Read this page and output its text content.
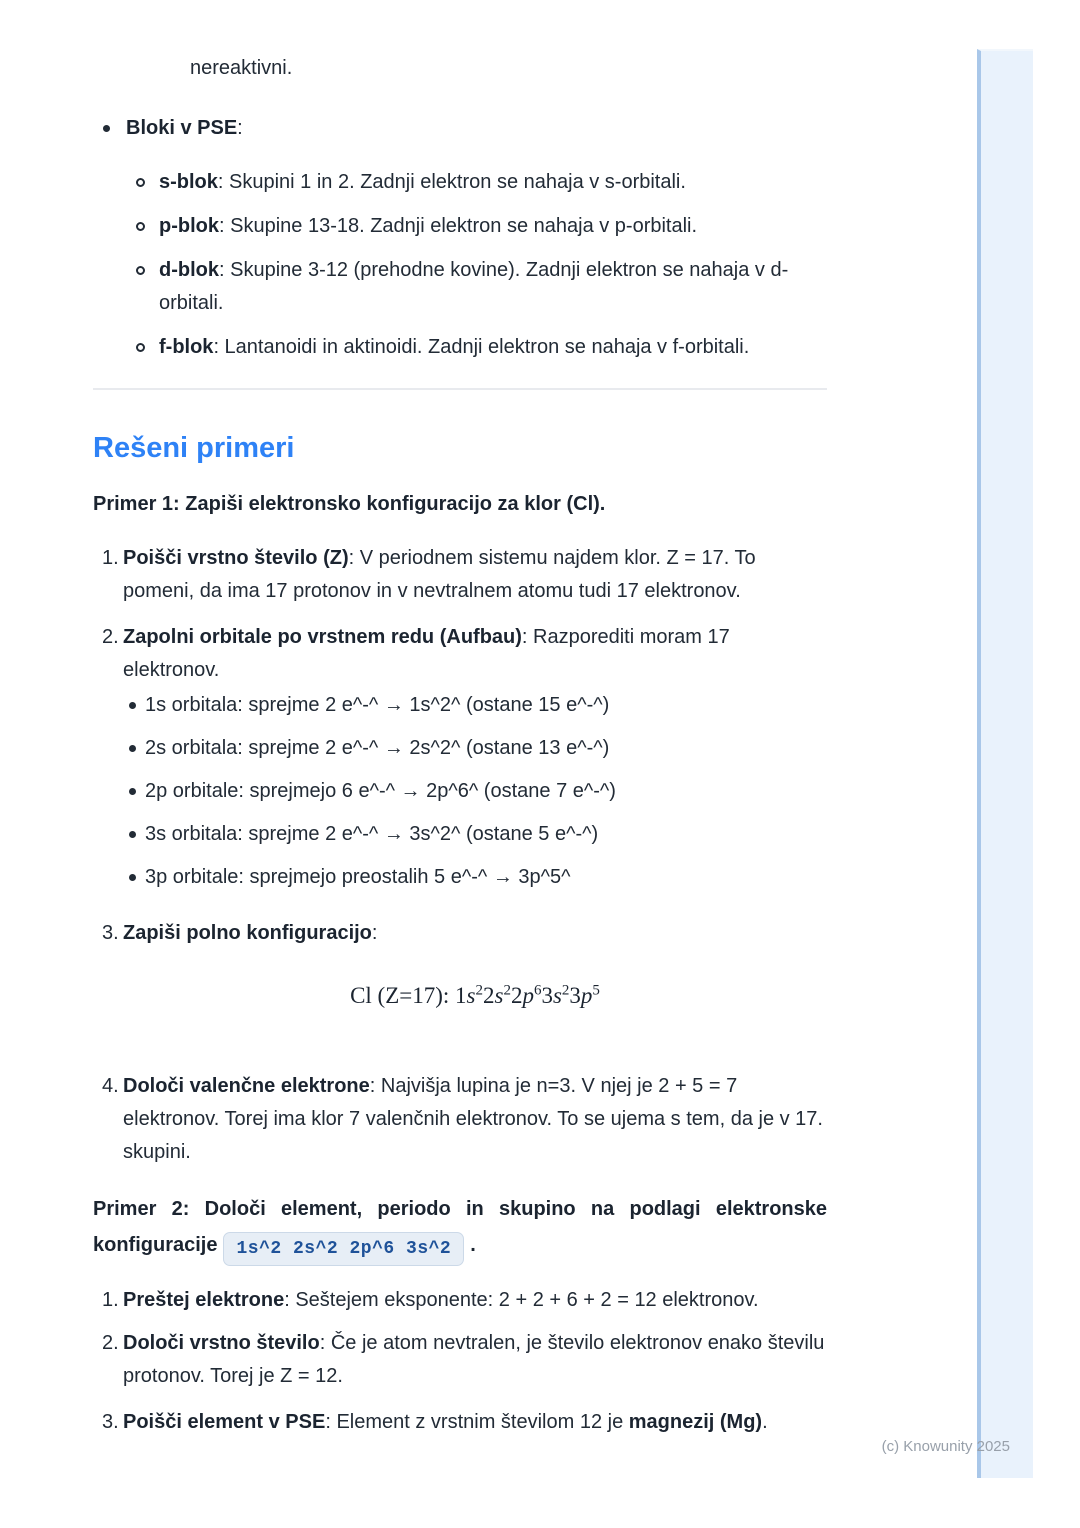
nereaktivni.

Bloki v PSE:
s-blok: Skupini 1 in 2. Zadnji elektron se nahaja v s-orbitali.
p-blok: Skupine 13-18. Zadnji elektron se nahaja v p-orbitali.
d-blok: Skupine 3-12 (prehodne kovine). Zadnji elektron se nahaja v d-orbitali.
f-blok: Lantanoidi in aktinoidi. Zadnji elektron se nahaja v f-orbitali.
Rešeni primeri

Primer 1: Zapiši elektronsko konfiguracijo za klor (Cl).

1. Poišči vrstno število (Z): V periodnem sistemu najdem klor. Z = 17. To pomeni, da ima 17 protonov in v nevtralnem atomu tudi 17 elektronov.
2. Zapolni orbitale po vrstnem redu (Aufbau): Razporediti moram 17 elektronov.
1s orbitala: sprejme 2 e^-^ → 1s^2^ (ostane 15 e^-^)
2s orbitala: sprejme 2 e^-^ → 2s^2^ (ostane 13 e^-^)
2p orbitale: sprejmejo 6 e^-^ → 2p^6^ (ostane 7 e^-^)
3s orbitala: sprejme 2 e^-^ → 3s^2^ (ostane 5 e^-^)
3p orbitale: sprejmejo preostalih 5 e^-^ → 3p^5^
3. Zapiši polno konfiguracijo:
Cl (Z=17): $1s^22s^22p^63s^23p^5$
4. Določi valenčne elektrone: Najvišja lupina je n=3. V njej je 2 + 5 = 7 elektronov. Torej ima klor 7 valenčnih elektronov. To se ujema s tem, da je v 17. skupini.

Primer 2: Določi element, periodo in skupino na podlagi elektronske konfiguracije 1s^2 2s^2 2p^6 3s^2 .

1. Preštej elektrone: Seštejem eksponente: 2 + 2 + 6 + 2 = 12 elektronov.
2. Določi vrstno število: Če je atom nevtralen, je število elektronov enako številu protonov. Torej je Z = 12.
3. Poišči element v PSE: Element z vrstnim številom 12 je magnezij (Mg).
(c) Knowunity 2025
